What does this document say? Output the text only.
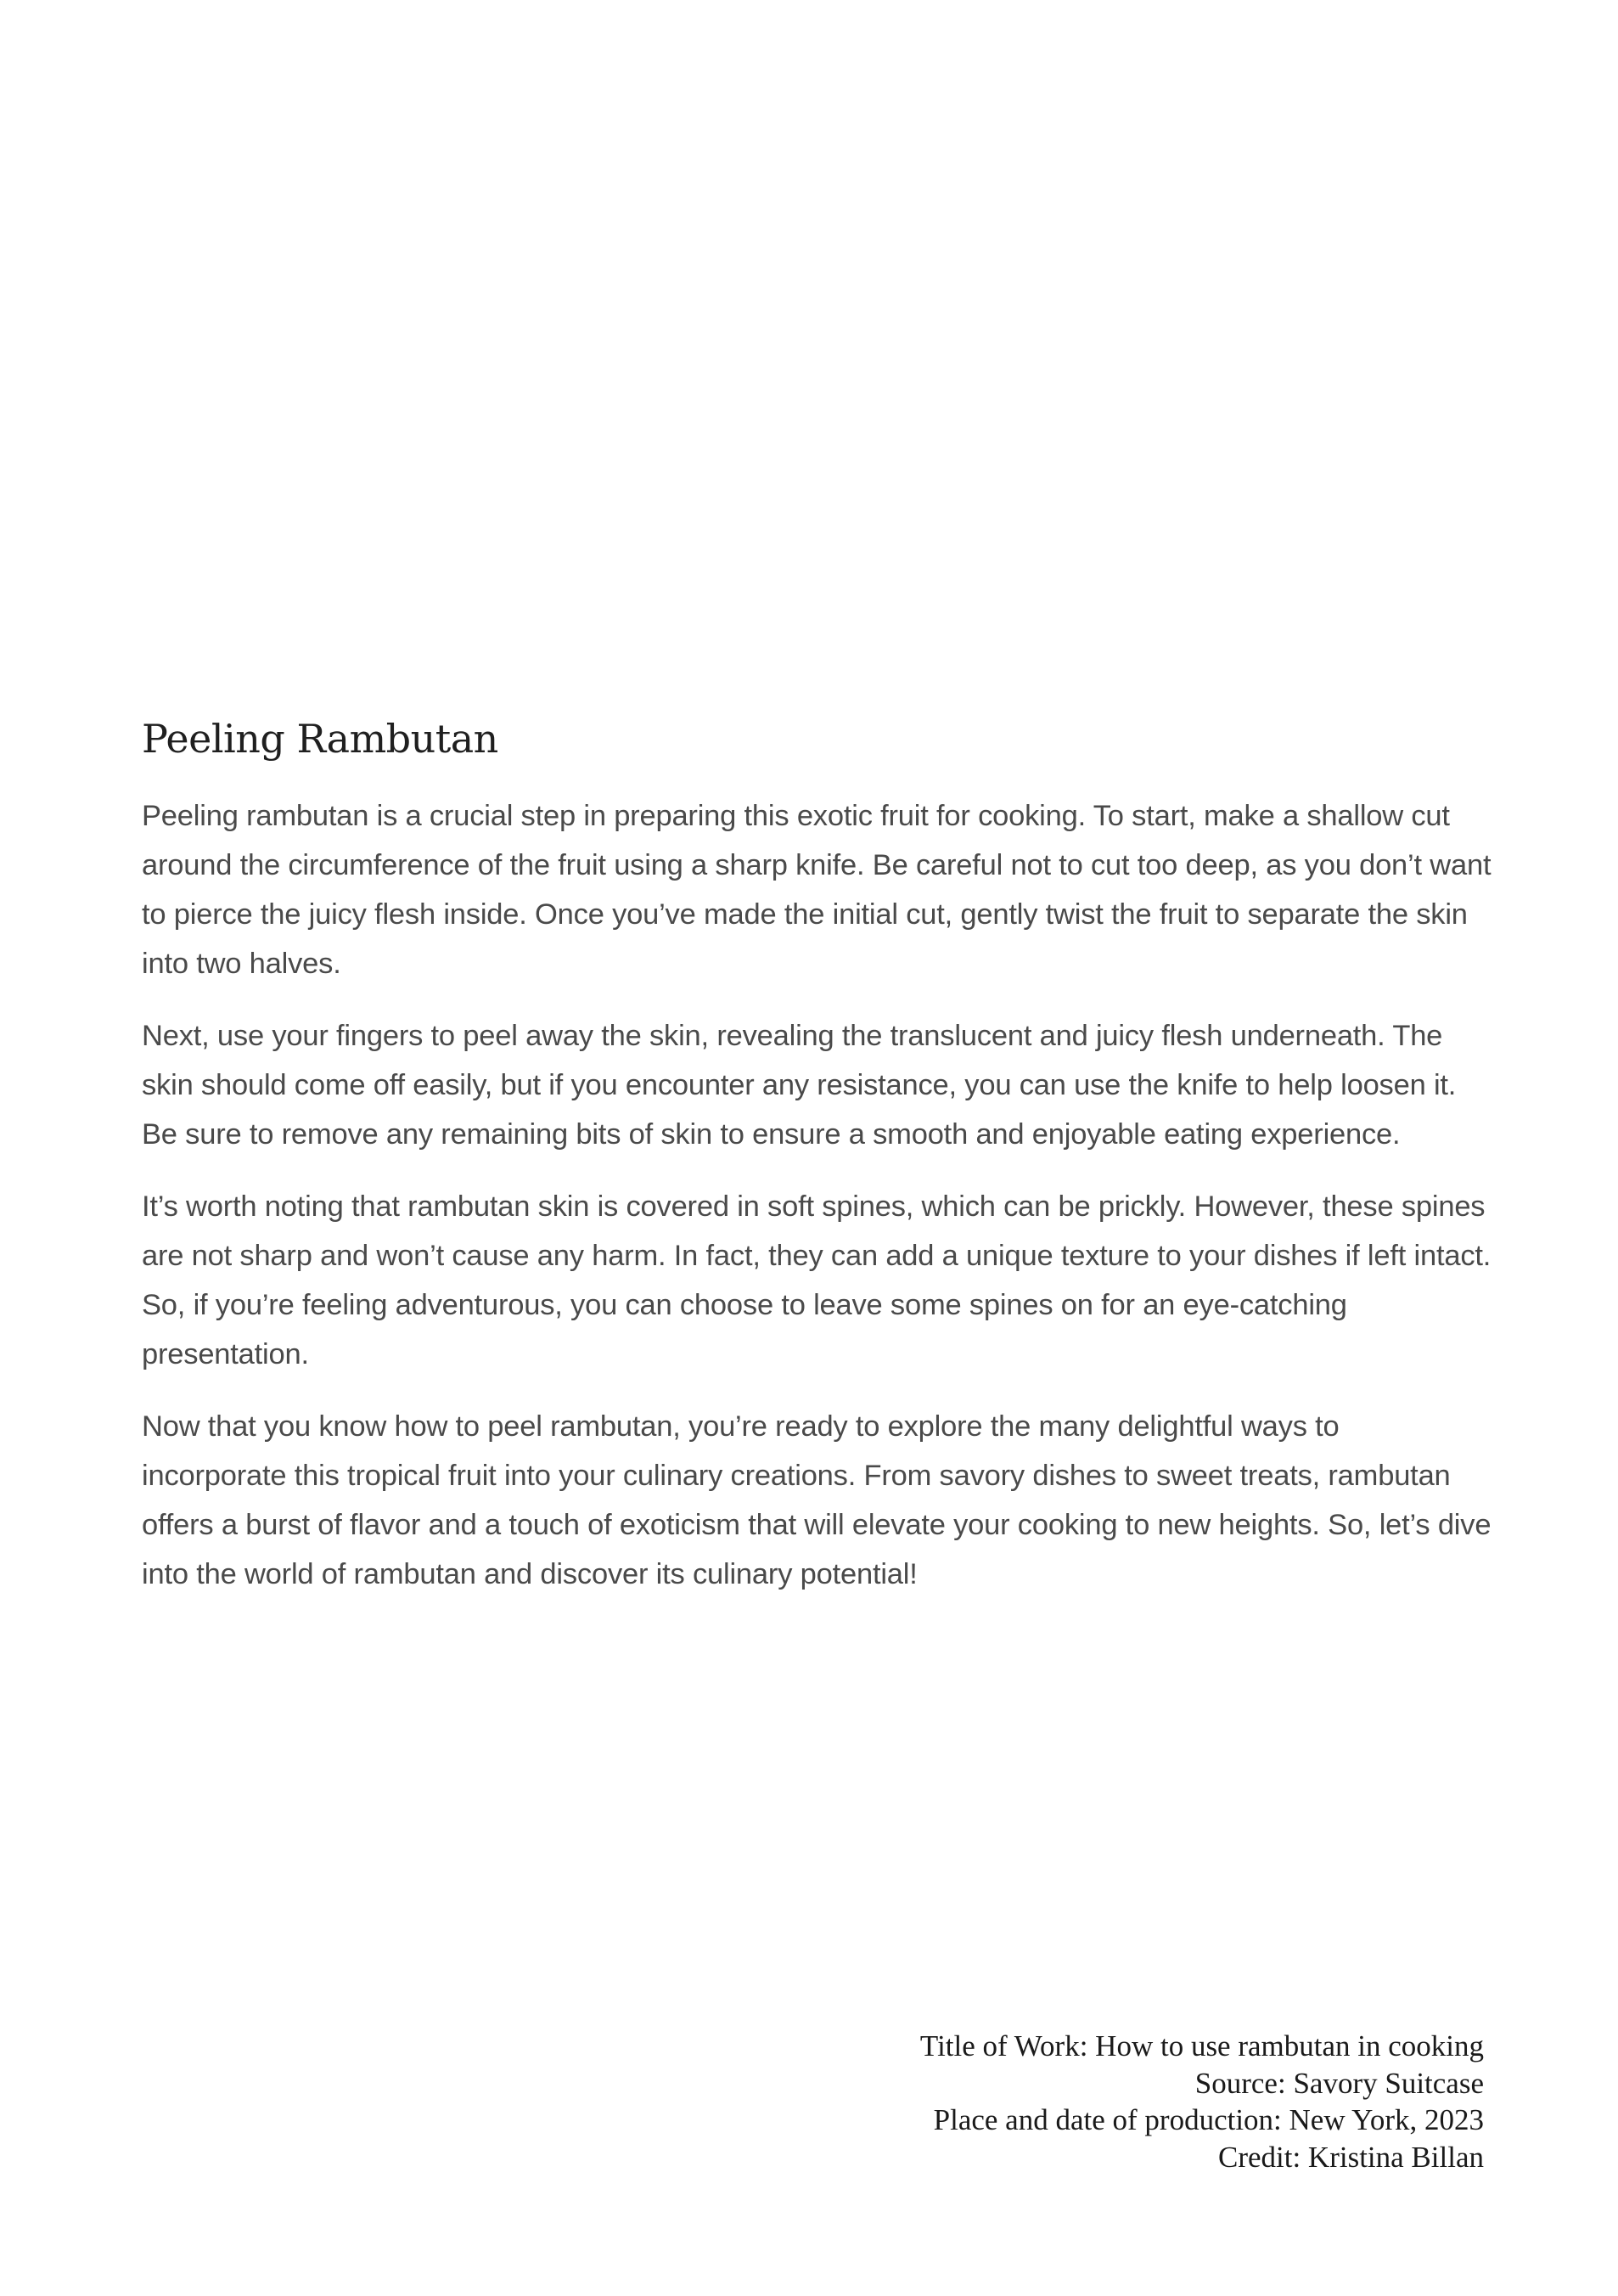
Peeling Rambutan

Peeling rambutan is a crucial step in preparing this exotic fruit for cooking. To start, make a shallow cut around the circumference of the fruit using a sharp knife. Be careful not to cut too deep, as you don’t want to pierce the juicy flesh inside. Once you’ve made the initial cut, gently twist the fruit to separate the skin into two halves.

Next, use your fingers to peel away the skin, revealing the translucent and juicy flesh underneath. The skin should come off easily, but if you encounter any resistance, you can use the knife to help loosen it. Be sure to remove any remaining bits of skin to ensure a smooth and enjoyable eating experience.

It’s worth noting that rambutan skin is covered in soft spines, which can be prickly. However, these spines are not sharp and won’t cause any harm. In fact, they can add a unique texture to your dishes if left intact. So, if you’re feeling adventurous, you can choose to leave some spines on for an eye-catching presentation.

Now that you know how to peel rambutan, you’re ready to explore the many delightful ways to incorporate this tropical fruit into your culinary creations. From savory dishes to sweet treats, rambutan offers a burst of flavor and a touch of exoticism that will elevate your cooking to new heights. So, let’s dive into the world of rambutan and discover its culinary potential!

Title of Work: How to use rambutan in cooking
Source: Savory Suitcase
Place and date of production: New York, 2023
Credit: Kristina Billan
